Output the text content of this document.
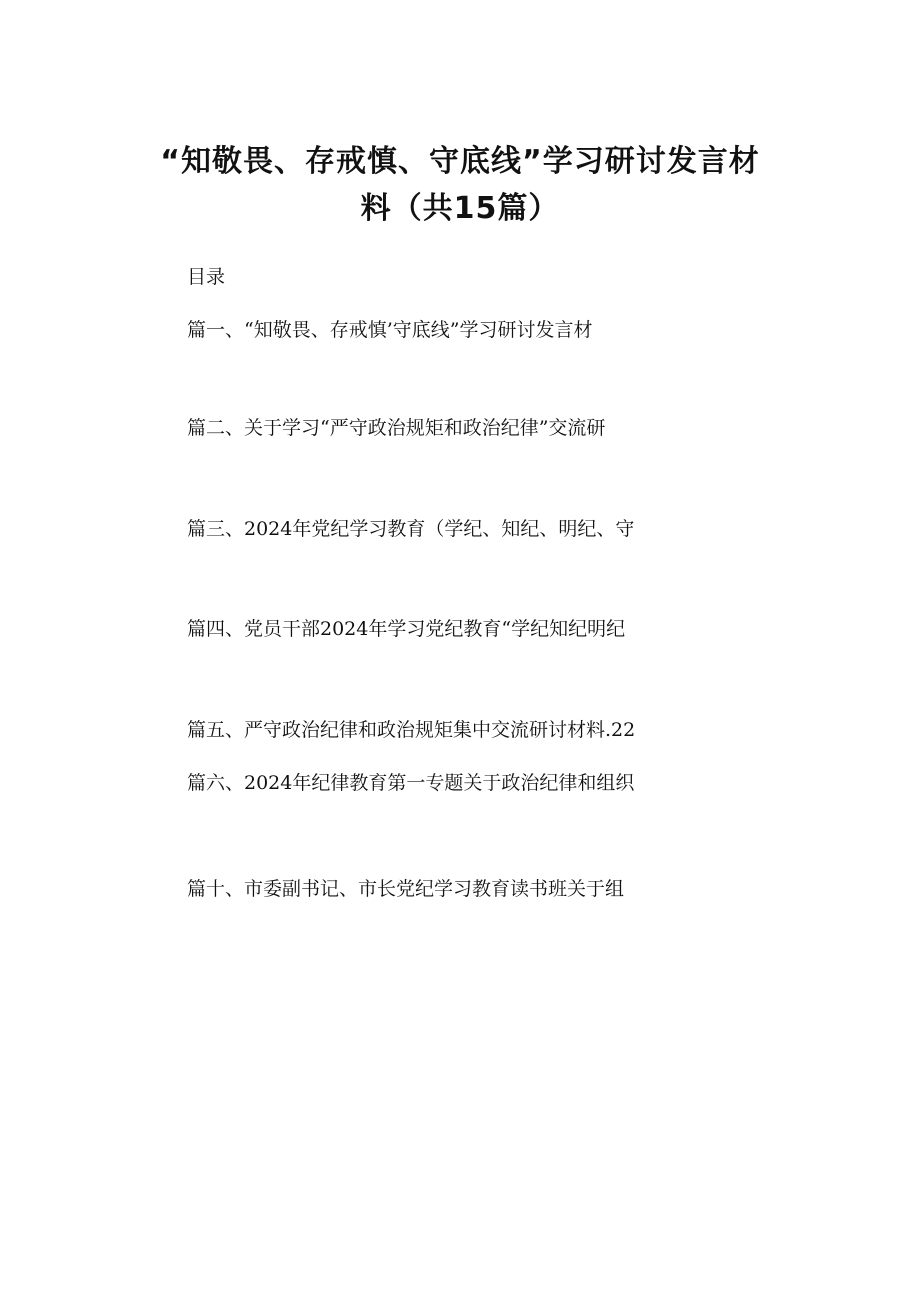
“知敬畏、存戒慎、守底线”学习研讨发言材
料（共15篇）
目录
篇一、“知敬畏、存戒慎’守底线”学习研讨发言材
篇二、关于学习“严守政治规矩和政治纪律”交流研
篇三、2024年党纪学习教育（学纪、知纪、明纪、守
篇四、党员干部2024年学习党纪教育“学纪知纪明纪
篇五、严守政治纪律和政治规矩集中交流研讨材料.22
篇六、2024年纪律教育第一专题关于政治纪律和组织
篇十、市委副书记、市长党纪学习教育读书班关于组
